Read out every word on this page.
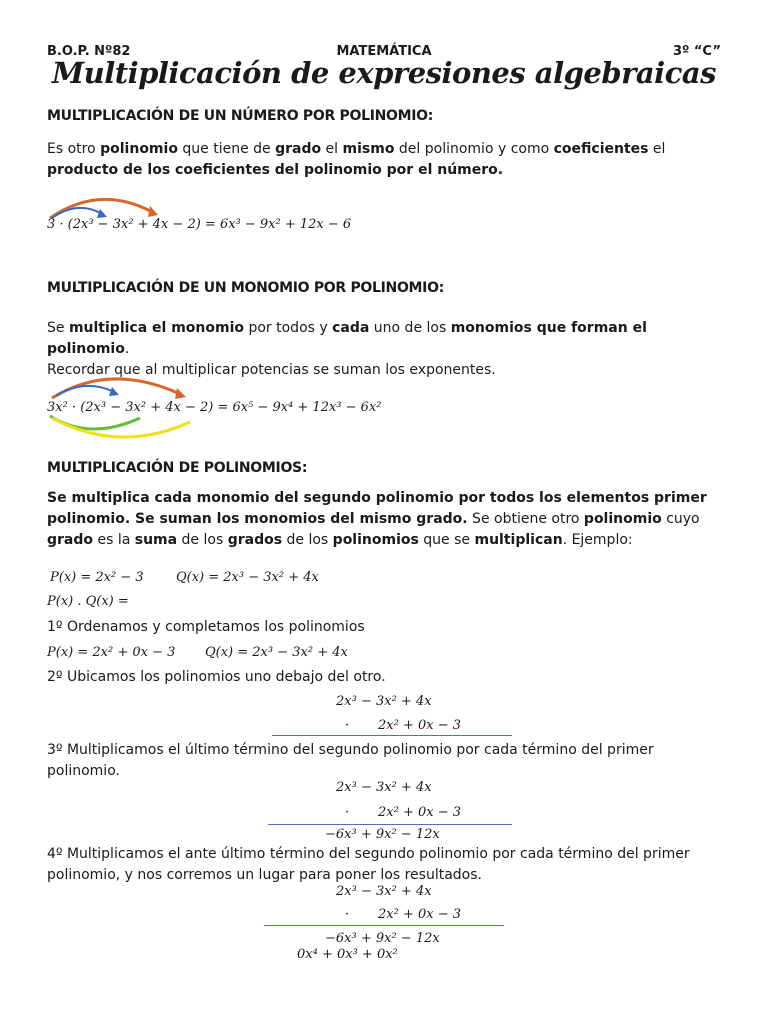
B.O.P. Nº82	MATEMÁTICA	3º “C”
Multiplicación de expresiones algebraicas
MULTIPLICACIÓN DE UN NÚMERO POR POLINOMIO:
Es otro polinomio que tiene de grado el mismo del polinomio y como coeficientes el producto de los coeficientes del polinomio por el número.
3 · (2x³ − 3x² + 4x − 2) = 6x³ − 9x² + 12x − 6
MULTIPLICACIÓN DE UN MONOMIO POR POLINOMIO:
Se multiplica el monomio por todos y cada uno de los monomios que forman el polinomio.
Recordar que al multiplicar potencias se suman los exponentes.
3x² · (2x³ − 3x² + 4x − 2) = 6x⁵ − 9x⁴ + 12x³ − 6x²
MULTIPLICACIÓN DE POLINOMIOS:
Se multiplica cada monomio del segundo polinomio por todos los elementos primer polinomio. Se suman los monomios del mismo grado. Se obtiene otro polinomio cuyo grado es la suma de los grados de los polinomios que se multiplican. Ejemplo:
P(x) = 2x² − 3 Q(x) = 2x³ − 3x² + 4x
P(x) . Q(x) =
1º Ordenamos y completamos los polinomios
P(x) = 2x² + 0x − 3 Q(x) = 2x³ − 3x² + 4x
2º Ubicamos los polinomios uno debajo del otro.
2x³ − 3x² + 4x
· 2x² + 0x − 3
3º Multiplicamos el último término del segundo polinomio por cada término del primer polinomio.
2x³ − 3x² + 4x
· 2x² + 0x − 3
−6x³ + 9x² − 12x
4º Multiplicamos el ante último término del segundo polinomio por cada término del primer polinomio, y nos corremos un lugar para poner los resultados.
2x³ − 3x² + 4x
· 2x² + 0x − 3
−6x³ + 9x² − 12x
0x⁴ + 0x³ + 0x²
